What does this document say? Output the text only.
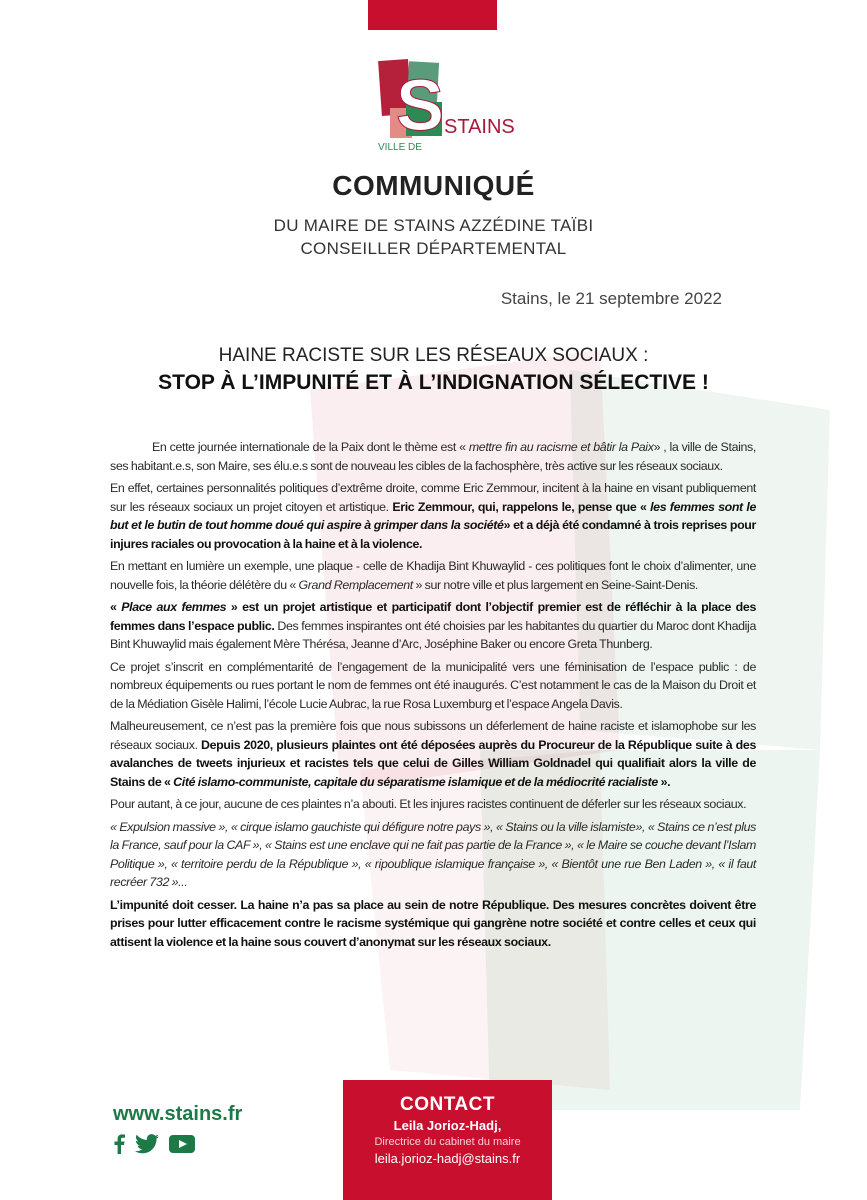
S STAINS
VILLE DE
COMMUNIQUÉ
DU MAIRE DE STAINS AZZÉDINE TAÏBI
CONSEILLER DÉPARTEMENTAL
Stains, le 21 septembre 2022
HAINE RACISTE SUR LES RÉSEAUX SOCIAUX :
STOP À L’IMPUNITÉ ET À L’INDIGNATION SÉLECTIVE !

En cette journée internationale de la Paix dont le thème est « mettre fin au racisme et bâtir la Paix» , la ville de Stains, ses habitant.e.s, son Maire, ses élu.e.s sont de nouveau les cibles de la fachosphère, très active sur les réseaux sociaux.

En effet, certaines personnalités politiques d’extrême droite, comme Eric Zemmour, incitent à la haine en visant publiquement sur les réseaux sociaux un projet citoyen et artistique. Eric Zemmour, qui, rappelons le, pense que « les femmes sont le but et le butin de tout homme doué qui aspire à grimper dans la société» et a déjà été condamné à trois reprises pour injures raciales ou provocation à la haine et à la violence.

En mettant en lumière un exemple, une plaque - celle de Khadija Bint Khuwaylid - ces politiques font le choix d’alimenter, une nouvelle fois, la théorie délétère du « Grand Remplacement » sur notre ville et plus largement en Seine-Saint-Denis.

« Place aux femmes » est un projet artistique et participatif dont l’objectif premier est de réfléchir à la place des femmes dans l’espace public. Des femmes inspirantes ont été choisies par les habitantes du quartier du Maroc dont Khadija Bint Khuwaylid mais également Mère Thérésa, Jeanne d’Arc, Joséphine Baker ou encore Greta Thunberg.

Ce projet s’inscrit en complémentarité de l’engagement de la municipalité vers une féminisation de l’espace public : de nombreux équipements ou rues portant le nom de femmes ont été inaugurés. C’est notamment le cas de la Maison du Droit et de la Médiation Gisèle Halimi, l’école Lucie Aubrac, la rue Rosa Luxemburg et l’espace Angela Davis.

Malheureusement, ce n’est pas la première fois que nous subissons un déferlement de haine raciste et islamophobe sur les réseaux sociaux. Depuis 2020, plusieurs plaintes ont été déposées auprès du Procureur de la République suite à des avalanches de tweets injurieux et racistes tels que celui de Gilles William Goldnadel qui qualifiait alors la ville de Stains de « Cité islamo-communiste, capitale du séparatisme islamique et de la médiocrité racialiste ».

Pour autant, à ce jour, aucune de ces plaintes n’a abouti. Et les injures racistes continuent de déferler sur les réseaux sociaux.

« Expulsion massive », « cirque islamo gauchiste qui défigure notre pays », « Stains ou la ville islamiste», « Stains ce n’est plus la France, sauf pour la CAF », « Stains est une enclave qui ne fait pas partie de la France », « le Maire se couche devant l’Islam Politique », « territoire perdu de la République », « ripoublique islamique française », « Bientôt une rue Ben Laden », « il faut recréer 732 »...

L’impunité doit cesser. La haine n’a pas sa place au sein de notre République. Des mesures concrètes doivent être prises pour lutter efficacement contre le racisme systémique qui gangrène notre société et contre celles et ceux qui attisent la violence et la haine sous couvert d’anonymat sur les réseaux sociaux.

www.stains.fr	CONTACT
Leila Jorioz-Hadj,
Directrice du cabinet du maire
leila.jorioz-hadj@stains.fr
